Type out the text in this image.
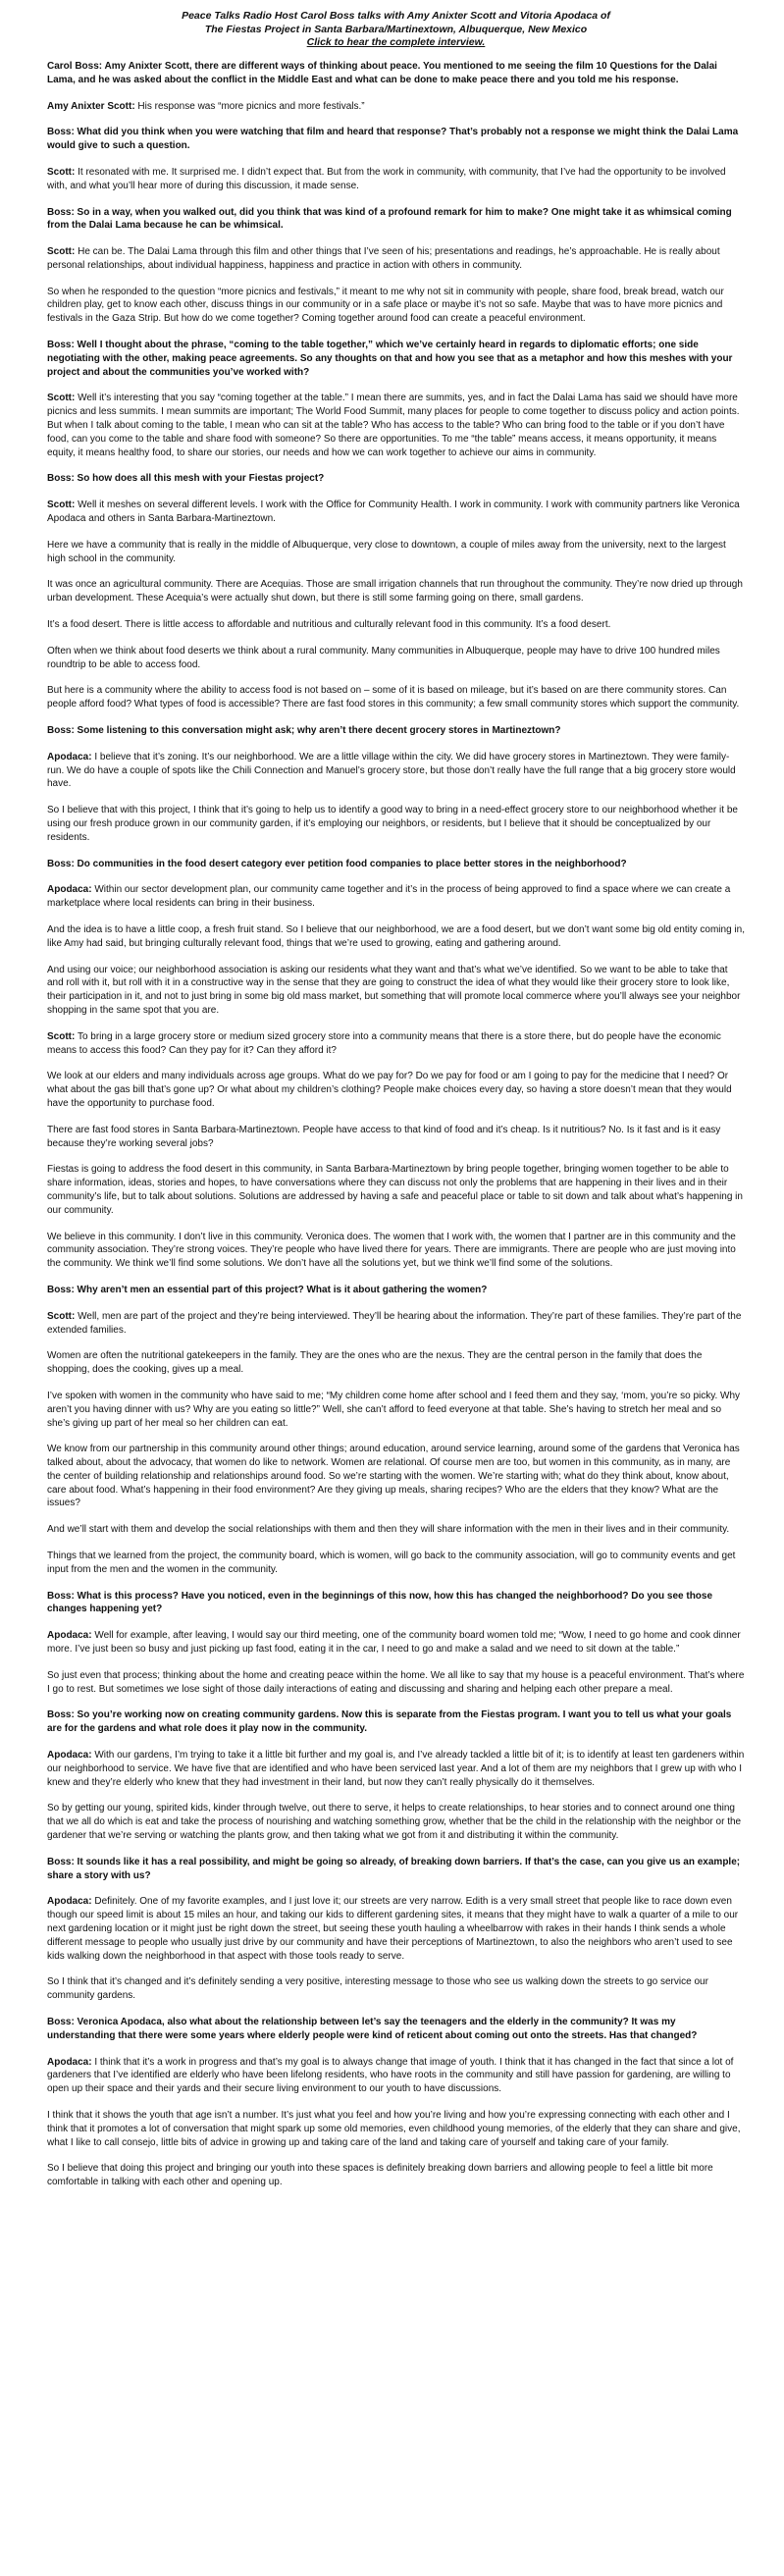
Peace Talks Radio Host Carol Boss talks with Amy Anixter Scott and Vitoria Apodaca of
The Fiestas Project in Santa Barbara/Martinextown, Albuquerque, New Mexico
Click to hear the complete interview.

Carol Boss: Amy Anixter Scott, there are different ways of thinking about peace. You mentioned to me seeing the film 10 Questions for the Dalai Lama, and he was asked about the conflict in the Middle East and what can be done to make peace there and you told me his response.

Amy Anixter Scott: His response was “more picnics and more festivals.”

Boss: What did you think when you were watching that film and heard that response? That’s probably not a response we might think the Dalai Lama would give to such a question.

Scott: It resonated with me. It surprised me. I didn’t expect that. But from the work in community, with community, that I’ve had the opportunity to be involved with, and what you’ll hear more of during this discussion, it made sense.

Boss: So in a way, when you walked out, did you think that was kind of a profound remark for him to make? One might take it as whimsical coming from the Dalai Lama because he can be whimsical.

Scott: He can be. The Dalai Lama through this film and other things that I’ve seen of his; presentations and readings, he’s approachable. He is really about personal relationships, about individual happiness, happiness and practice in action with others in community.

So when he responded to the question “more picnics and festivals,” it meant to me why not sit in community with people, share food, break bread, watch our children play, get to know each other, discuss things in our community or in a safe place or maybe it’s not so safe. Maybe that was to have more picnics and festivals in the Gaza Strip. But how do we come together? Coming together around food can create a peaceful environment.

Boss: Well I thought about the phrase, “coming to the table together,” which we’ve certainly heard in regards to diplomatic efforts; one side negotiating with the other, making peace agreements. So any thoughts on that and how you see that as a metaphor and how this meshes with your project and about the communities you’ve worked with?

Scott: Well it’s interesting that you say “coming together at the table.” I mean there are summits, yes, and in fact the Dalai Lama has said we should have more picnics and less summits. I mean summits are important; The World Food Summit, many places for people to come together to discuss policy and action points.
But when I talk about coming to the table, I mean who can sit at the table? Who has access to the table? Who can bring food to the table or if you don’t have food, can you come to the table and share food with someone? So there are opportunities. To me “the table” means access, it means opportunity, it means equity, it means healthy food, to share our stories, our needs and how we can work together to achieve our aims in community.

Boss: So how does all this mesh with your Fiestas project?

Scott: Well it meshes on several different levels. I work with the Office for Community Health. I work in community. I work with community partners like Veronica Apodaca and others in Santa Barbara-Martineztown.

Here we have a community that is really in the middle of Albuquerque, very close to downtown, a couple of miles away from the university, next to the largest high school in the community.

It was once an agricultural community. There are Acequias. Those are small irrigation channels that run throughout the community. They’re now dried up through urban development. These Acequia’s were actually shut down, but there is still some farming going on there, small gardens.

It’s a food desert. There is little access to affordable and nutritious and culturally relevant food in this community. It’s a food desert.

Often when we think about food deserts we think about a rural community. Many communities in Albuquerque, people may have to drive 100 hundred miles roundtrip to be able to access food.

But here is a community where the ability to access food is not based on – some of it is based on mileage, but it’s based on are there community stores. Can people afford food? What types of food is accessible? There are fast food stores in this community; a few small community stores which support the community.

Boss: Some listening to this conversation might ask; why aren’t there decent grocery stores in Martineztown?

Apodaca: I believe that it’s zoning. It’s our neighborhood. We are a little village within the city. We did have grocery stores in Martineztown. They were family-run. We do have a couple of spots like the Chili Connection and Manuel’s grocery store, but those don’t really have the full range that a big grocery store would have.

So I believe that with this project, I think that it’s going to help us to identify a good way to bring in a need-effect grocery store to our neighborhood whether it be using our fresh produce grown in our community garden, if it’s employing our neighbors, or residents, but I believe that it should be conceptualized by our residents.

Boss: Do communities in the food desert category ever petition food companies to place better stores in the neighborhood?

Apodaca: Within our sector development plan, our community came together and it’s in the process of being approved to find a space where we can create a marketplace where local residents can bring in their business.

And the idea is to have a little coop, a fresh fruit stand. So I believe that our neighborhood, we are a food desert, but we don’t want some big old entity coming in, like Amy had said, but bringing culturally relevant food, things that we’re used to growing, eating and gathering around.

And using our voice; our neighborhood association is asking our residents what they want and that’s what we’ve identified. So we want to be able to take that and roll with it, but roll with it in a constructive way in the sense that they are going to construct the idea of what they would like their grocery store to look like, their participation in it, and not to just bring in some big old mass market, but something that will promote local commerce where you’ll always see your neighbor shopping in the same spot that you are.

Scott: To bring in a large grocery store or medium sized grocery store into a community means that there is a store there, but do people have the economic means to access this food? Can they pay for it? Can they afford it?

We look at our elders and many individuals across age groups. What do we pay for? Do we pay for food or am I going to pay for the medicine that I need? Or what about the gas bill that’s gone up? Or what about my children’s clothing? People make choices every day, so having a store doesn’t mean that they would have the opportunity to purchase food.

There are fast food stores in Santa Barbara-Martineztown. People have access to that kind of food and it’s cheap. Is it nutritious? No. Is it fast and is it easy because they’re working several jobs?

Fiestas is going to address the food desert in this community, in Santa Barbara-Martineztown by bring people together, bringing women together to be able to share information, ideas, stories and hopes, to have conversations where they can discuss not only the problems that are happening in their lives and in their community’s life, but to talk about solutions. Solutions are addressed by having a safe and peaceful place or table to sit down and talk about what’s happening in our community.

We believe in this community. I don’t live in this community. Veronica does. The women that I work with, the women that I partner are in this community and the community association. They’re strong voices. They’re people who have lived there for years. There are immigrants. There are people who are just moving into the community. We think we’ll find some solutions. We don’t have all the solutions yet, but we think we’ll find some of the solutions.

Boss: Why aren’t men an essential part of this project? What is it about gathering the women?

Scott: Well, men are part of the project and they’re being interviewed. They’ll be hearing about the information. They’re part of these families. They’re part of the extended families.

Women are often the nutritional gatekeepers in the family. They are the ones who are the nexus. They are the central person in the family that does the shopping, does the cooking, gives up a meal.

I’ve spoken with women in the community who have said to me; “My children come home after school and I feed them and they say, ‘mom, you’re so picky. Why aren’t you having dinner with us? Why are you eating so little?” Well, she can’t afford to feed everyone at that table. She’s having to stretch her meal and so she’s giving up part of her meal so her children can eat.

We know from our partnership in this community around other things; around education, around service learning, around some of the gardens that Veronica has talked about, about the advocacy, that women do like to network. Women are relational. Of course men are too, but women in this community, as in many, are the center of building relationship and relationships around food. So we’re starting with the women. We’re starting with; what do they think about, know about, care about food. What’s happening in their food environment? Are they giving up meals, sharing recipes? Who are the elders that they know? What are the issues?

And we’ll start with them and develop the social relationships with them and then they will share information with the men in their lives and in their community.

Things that we learned from the project, the community board, which is women, will go back to the community association, will go to community events and get input from the men and the women in the community.

Boss: What is this process? Have you noticed, even in the beginnings of this now, how this has changed the neighborhood? Do you see those changes happening yet?

Apodaca: Well for example, after leaving, I would say our third meeting, one of the community board women told me; “Wow, I need to go home and cook dinner more. I’ve just been so busy and just picking up fast food, eating it in the car, I need to go and make a salad and we need to sit down at the table.”

So just even that process; thinking about the home and creating peace within the home. We all like to say that my house is a peaceful environment. That’s where I go to rest. But sometimes we lose sight of those daily interactions of eating and discussing and sharing and helping each other prepare a meal.

Boss: So you’re working now on creating community gardens. Now this is separate from the Fiestas program. I want you to tell us what your goals are for the gardens and what role does it play now in the community.

Apodaca: With our gardens, I’m trying to take it a little bit further and my goal is, and I’ve already tackled a little bit of it; is to identify at least ten gardeners within our neighborhood to service. We have five that are identified and who have been serviced last year. And a lot of them are my neighbors that I grew up with who I knew and they’re elderly who knew that they had investment in their land, but now they can’t really physically do it themselves.

So by getting our young, spirited kids, kinder through twelve, out there to serve, it helps to create relationships, to hear stories and to connect around one thing that we all do which is eat and take the process of nourishing and watching something grow, whether that be the child in the relationship with the neighbor or the gardener that we’re serving or watching the plants grow, and then taking what we got from it and distributing it within the community.

Boss: It sounds like it has a real possibility, and might be going so already, of breaking down barriers. If that’s the case, can you give us an example; share a story with us?

Apodaca: Definitely. One of my favorite examples, and I just love it; our streets are very narrow. Edith is a very small street that people like to race down even though our speed limit is about 15 miles an hour, and taking our kids to different gardening sites, it means that they might have to walk a quarter of a mile to our next gardening location or it might just be right down the street, but seeing these youth hauling a wheelbarrow with rakes in their hands I think sends a whole different message to people who usually just drive by our community and have their perceptions of Martineztown, to also the neighbors who aren’t used to see kids walking down the neighborhood in that aspect with those tools ready to serve.

So I think that it’s changed and it’s definitely sending a very positive, interesting message to those who see us walking down the streets to go service our community gardens.

Boss: Veronica Apodaca, also what about the relationship between let’s say the teenagers and the elderly in the community? It was my understanding that there were some years where elderly people were kind of reticent about coming out onto the streets. Has that changed?

Apodaca: I think that it’s a work in progress and that’s my goal is to always change that image of youth. I think that it has changed in the fact that since a lot of gardeners that I’ve identified are elderly who have been lifelong residents, who have roots in the community and still have passion for gardening, are willing to open up their space and their yards and their secure living environment to our youth to have discussions.

I think that it shows the youth that age isn’t a number. It’s just what you feel and how you’re living and how you’re expressing connecting with each other and I think that it promotes a lot of conversation that might spark up some old memories, even childhood young memories, of the elderly that they can share and give, what I like to call consejo, little bits of advice in growing up and taking care of the land and taking care of yourself and taking care of your family.

So I believe that doing this project and bringing our youth into these spaces is definitely breaking down barriers and allowing people to feel a little bit more comfortable in talking with each other and opening up.
